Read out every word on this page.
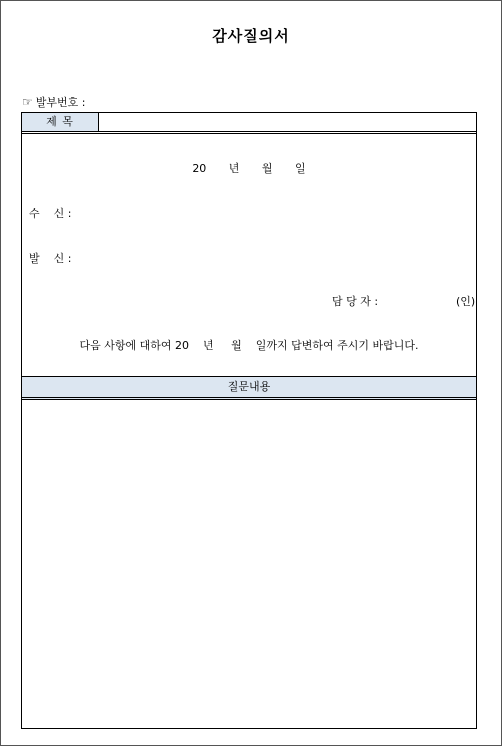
감사질의서
☞ 발부번호 :
제 목
20   년   월   일
수    신 :
발    신 :
담 당 자 :	(인)
다음 사항에 대하여 20    년     월    일까지 답변하여 주시기 바랍니다.
질문내용
